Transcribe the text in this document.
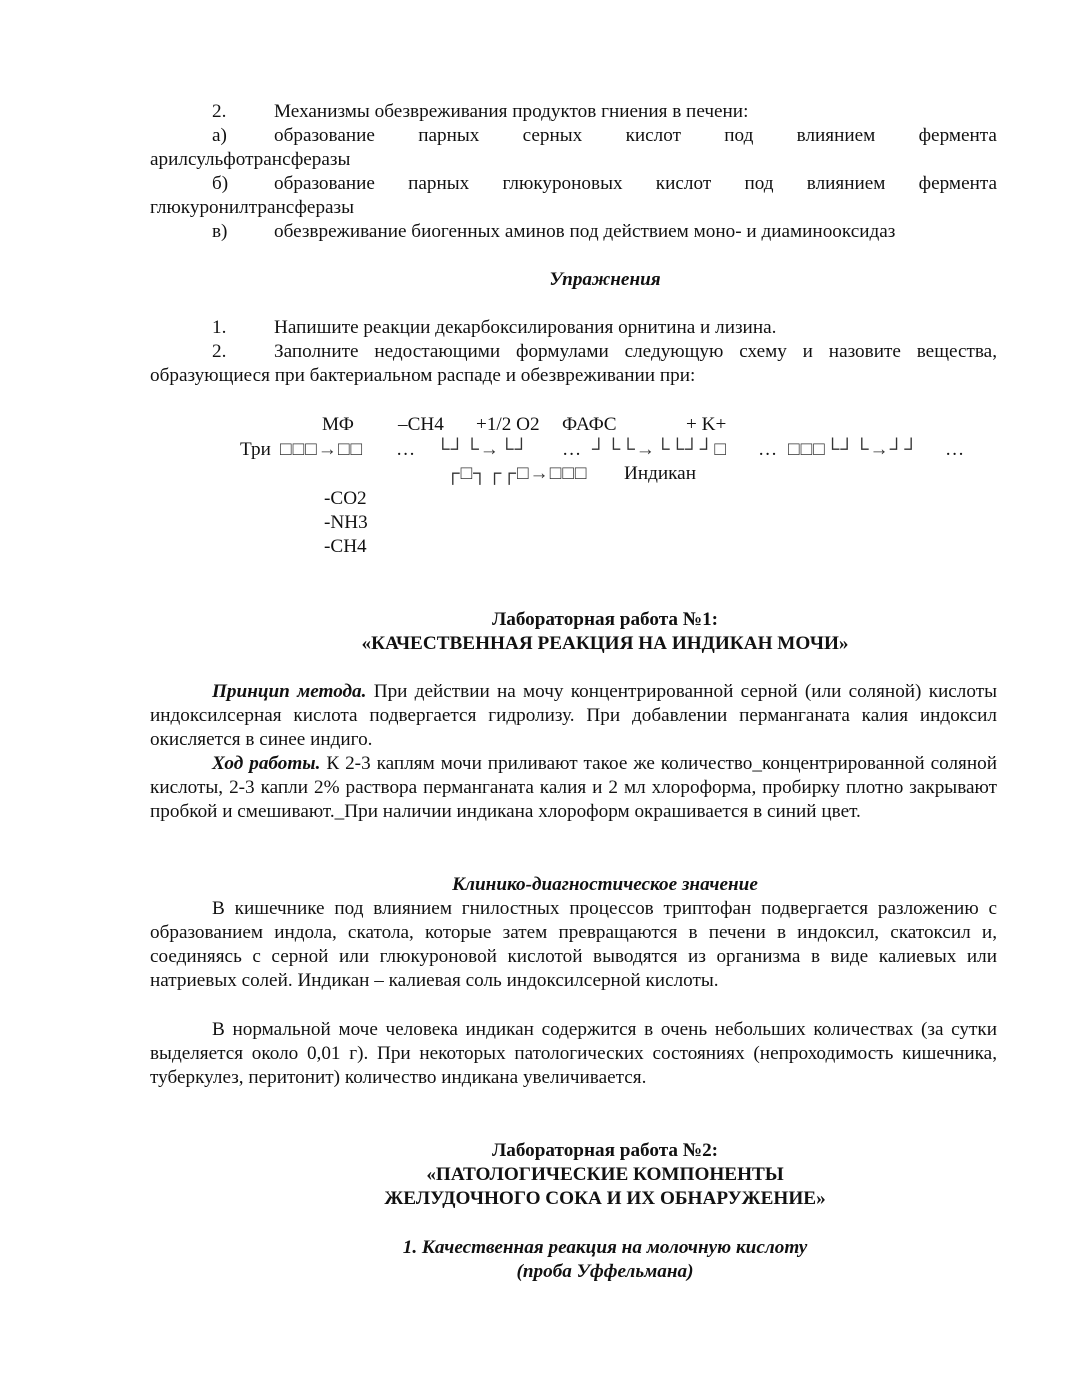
2. Механизмы обезвреживания продуктов гниения в печени:
а) образование парных серных кислот под влиянием фермента
арилсульфотрансферазы
б) образование парных глюкуроновых кислот под влиянием фермента
глюкуронилтрансферазы
в) обезвреживание биогенных аминов под действием моно- и диаминооксидаз
Упражнения
1. Напишите реакции декарбоксилирования орнитина и лизина.
2.	Заполните недостающими формулами следующую схему и назовите вещества, образующиеся при бактериальном распаде и обезвреживании при:
МФ –CH4 +1/2 O2 ФАФС	+ K+
Три □□□→□□ … └┘└→└┘ … ┘└└→└└┘┘□ … □□□└┘└→┘┘ …
┌□┐┌┌□→□□□ Индикан
-CO2
-NH3
-CH4
Лабораторная работа №1:
«КАЧЕСТВЕННАЯ РЕАКЦИЯ НА ИНДИКАН МОЧИ»
Принцип метода. При действии на мочу концентрированной серной (или соляной) кислоты индоксилсерная кислота подвергается гидролизу. При добавлении перманганата калия индоксил окисляется в синее индиго.
Ход работы. К 2-3 каплям мочи приливают такое же количество_концентрированной соляной кислоты, 2-3 капли 2% раствора перманганата калия и 2 мл хлороформа, пробирку плотно закрывают пробкой и смешивают._При наличии индикана хлороформ окрашивается в синий цвет.
Клинико-диагностическое значение
В кишечнике под влиянием гнилостных процессов триптофан подвергается разложению с образованием индола, скатола, которые затем превращаются в печени в индоксил, скатоксил и, соединяясь с серной или глюкуроновой кислотой выводятся из организма в виде калиевых или натриевых солей. Индикан – калиевая соль индоксилсерной кислоты.
В нормальной моче человека индикан содержится в очень небольших количествах (за сутки выделяется около 0,01 г). При некоторых патологических состояниях (непроходимость кишечника, туберкулез, перитонит) количество индикана увеличивается.
Лабораторная работа №2:
«ПАТОЛОГИЧЕСКИЕ КОМПОНЕНТЫ
ЖЕЛУДОЧНОГО СОКА И ИХ ОБНАРУЖЕНИЕ»
1. Качественная реакция на молочную кислоту
(проба Уффельмана)
